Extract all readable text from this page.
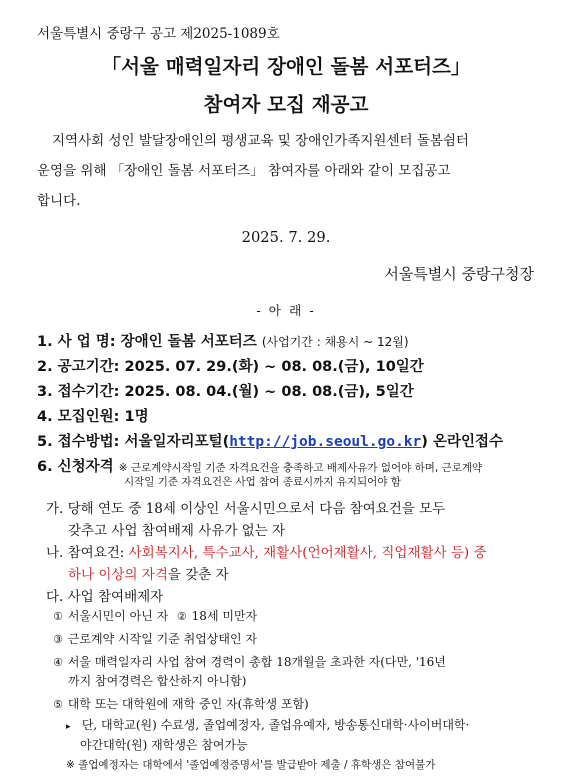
서울특별시 중랑구 공고 제2025-1089호
「서울 매력일자리 장애인 돌봄 서포터즈」
참여자 모집 재공고
지역사회 성인 발달장애인의 평생교육 및 장애인가족지원센터 돌봄쉼터
운영을 위해 「장애인 돌봄 서포터즈」 참여자를 아래와 같이 모집공고
합니다.
2025. 7. 29.
서울특별시 중랑구청장
- 아 래 -
1. 사 업 명: 장애인 돌봄 서포터즈 (사업기간 : 채용시 ~ 12월)
2. 공고기간: 2025. 07. 29.(화) ~ 08. 08.(금), 10일간
3. 접수기간: 2025. 08. 04.(월) ~ 08. 08.(금), 5일간
4. 모집인원: 1명
5. 접수방법: 서울일자리포털(http://job.seoul.go.kr) 온라인접수
6. 신청자격 ※ 근로계약시작일 기준 자격요건을 충족하고 배제사유가 없어야 하며, 근로계약
시작일 기준 자격요건은 사업 참여 종료시까지 유지되어야 함
가. 당해 연도 중 18세 이상인 서울시민으로서 다음 참여요건을 모두
갖추고 사업 참여배제 사유가 없는 자
나. 참여요건: 사회복지사, 특수교사, 재활사(언어재활사, 직업재활사 등) 중
하나 이상의 자격을 갖춘 자
다. 사업 참여배제자
① 서울시민이 아닌 자 ② 18세 미만자
③ 근로계약 시작일 기준 취업상태인 자
④ 서울 매력일자리 사업 참여 경력이 총합 18개월을 초과한 자(다만, '16년
까지 참여경력은 합산하지 아니함)
⑤ 대학 또는 대학원에 재학 중인 자(휴학생 포함)
▸ 단, 대학교(원) 수료생, 졸업예정자, 졸업유예자, 방송통신대학·사이버대학·
야간대학(원) 재학생은 참여가능
※ 졸업예정자는 대학에서 '졸업예정증명서'를 발급받아 제출 / 휴학생은 참여불가
